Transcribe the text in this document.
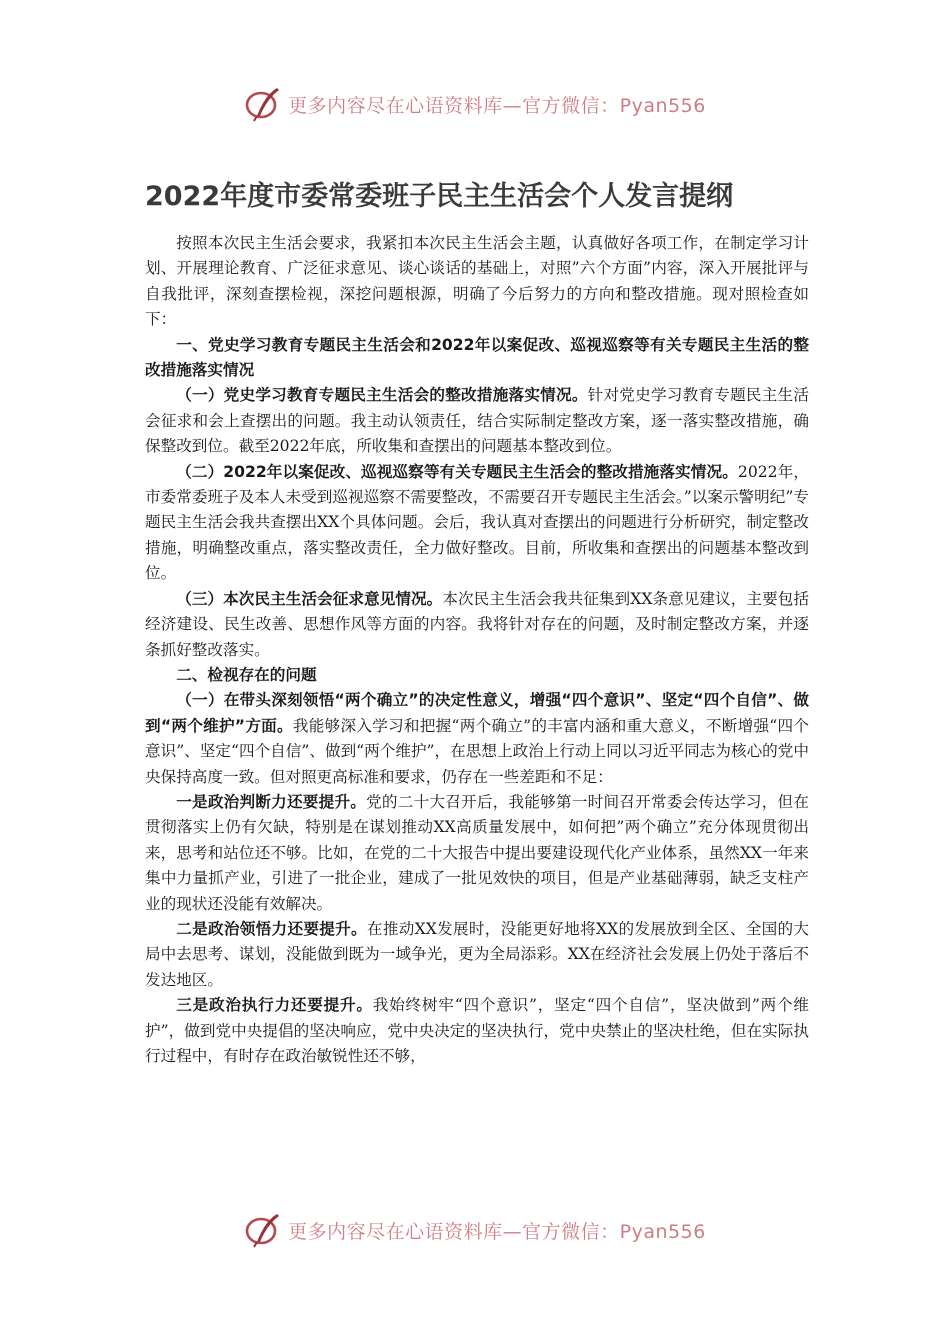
更多内容尽在心语资料库—官方微信：Pyan556
2022年度市委常委班子民主生活会个人发言提纲

按照本次民主生活会要求，我紧扣本次民主生活会主题，认真做好各项工作，在制定学习计划、开展理论教育、广泛征求意见、谈心谈话的基础上，对照”六个方面”内容，深入开展批评与自我批评，深刻查摆检视，深挖问题根源，明确了今后努力的方向和整改措施。现对照检查如下：

一、党史学习教育专题民主生活会和2022年以案促改、巡视巡察等有关专题民主生活的整改措施落实情况

（一）党史学习教育专题民主生活会的整改措施落实情况。针对党史学习教育专题民主生活会征求和会上查摆出的问题。我主动认领责任，结合实际制定整改方案，逐一落实整改措施，确保整改到位。截至2022年底，所收集和查摆出的问题基本整改到位。

（二）2022年以案促改、巡视巡察等有关专题民主生活会的整改措施落实情况。2022年，市委常委班子及本人未受到巡视巡察不需要整改，不需要召开专题民主生活会。”以案示警明纪”专题民主生活会我共查摆出XX个具体问题。会后，我认真对查摆出的问题进行分析研究，制定整改措施，明确整改重点，落实整改责任，全力做好整改。目前，所收集和查摆出的问题基本整改到位。

（三）本次民主生活会征求意见情况。本次民主生活会我共征集到XX条意见建议，主要包括经济建设、民生改善、思想作风等方面的内容。我将针对存在的问题，及时制定整改方案，并逐条抓好整改落实。

二、检视存在的问题

（一）在带头深刻领悟“两个确立”的决定性意义，增强“四个意识”、坚定“四个自信”、做到“两个维护”方面。我能够深入学习和把握“两个确立”的丰富内涵和重大意义，不断增强“四个意识”、坚定“四个自信”、做到“两个维护”，在思想上政治上行动上同以习近平同志为核心的党中央保持高度一致。但对照更高标准和要求，仍存在一些差距和不足：

一是政治判断力还要提升。党的二十大召开后，我能够第一时间召开常委会传达学习，但在贯彻落实上仍有欠缺，特别是在谋划推动XX高质量发展中，如何把”两个确立”充分体现贯彻出来，思考和站位还不够。比如，在党的二十大报告中提出要建设现代化产业体系，虽然XX一年来集中力量抓产业，引进了一批企业，建成了一批见效快的项目，但是产业基础薄弱，缺乏支柱产业的现状还没能有效解决。

二是政治领悟力还要提升。在推动XX发展时，没能更好地将XX的发展放到全区、全国的大局中去思考、谋划，没能做到既为一域争光，更为全局添彩。XX在经济社会发展上仍处于落后不发达地区。

三是政治执行力还要提升。我始终树牢“四个意识”，坚定“四个自信”，坚决做到”两个维护”，做到党中央提倡的坚决响应，党中央决定的坚决执行，党中央禁止的坚决杜绝，但在实际执行过程中，有时存在政治敏锐性还不够，

更多内容尽在心语资料库—官方微信：Pyan556
